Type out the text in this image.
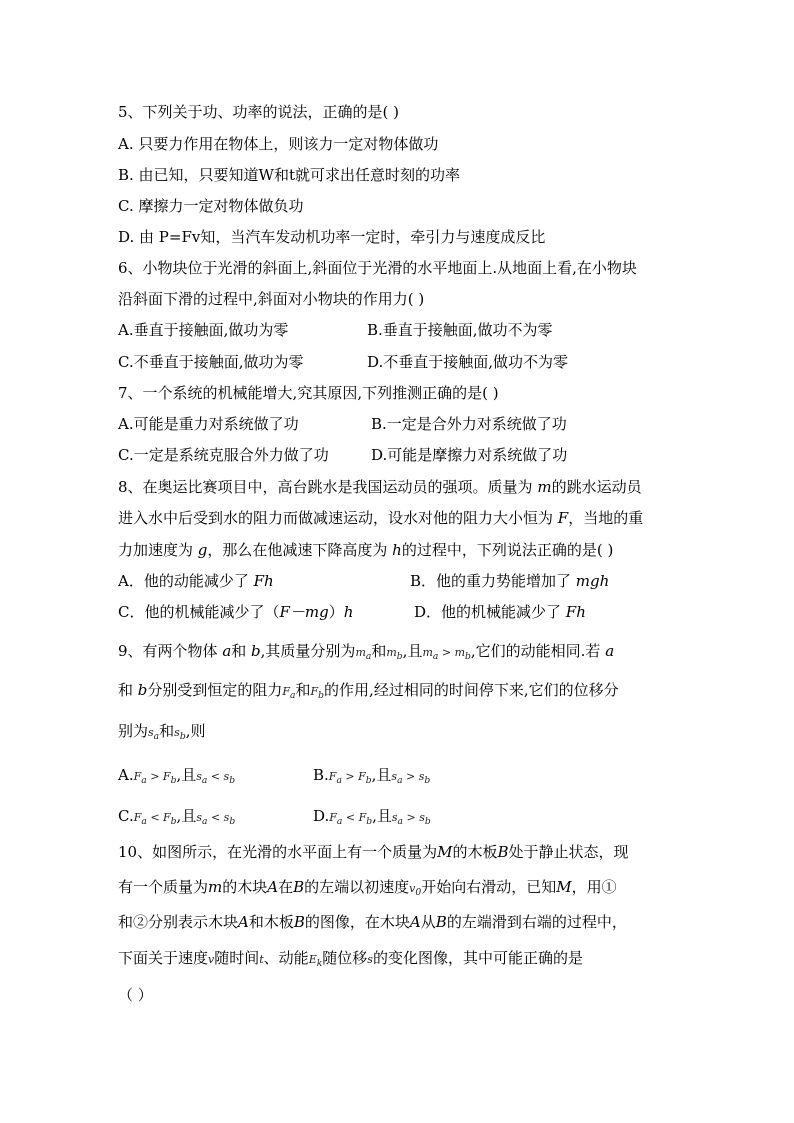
5、下列关于功、功率的说法，正确的是( )
A. 只要力作用在物体上，则该力一定对物体做功
B. 由已知，只要知道W和t就可求出任意时刻的功率
C. 摩擦力一定对物体做负功
D. 由 P=Fv知，当汽车发动机功率一定时，牵引力与速度成反比
6、小物块位于光滑的斜面上,斜面位于光滑的水平地面上.从地面上看,在小物块
沿斜面下滑的过程中,斜面对小物块的作用力( )
A.垂直于接触面,做功为零	B.垂直于接触面,做功不为零
C.不垂直于接触面,做功为零	D.不垂直于接触面,做功不为零
7、一个系统的机械能增大,究其原因,下列推测正确的是( )
A.可能是重力对系统做了功	B.一定是合外力对系统做了功
C.一定是系统克服合外力做了功	D.可能是摩擦力对系统做了功
8、在奥运比赛项目中，高台跳水是我国运动员的强项。质量为 m的跳水运动员
进入水中后受到水的阻力而做减速运动，设水对他的阻力大小恒为 F，当地的重
力加速度为 g，那么在他减速下降高度为 h的过程中，下列说法正确的是( )
A．他的动能减少了 Fh	B．他的重力势能增加了 mgh
C．他的机械能减少了（F－mg）h	D．他的机械能减少了 Fh
9、有两个物体 a和 b,其质量分别为$m_a$和$m_b$,且$m_a > m_b$,它们的动能相同.若 a
和 b分别受到恒定的阻力$F_a$和$F_b$的作用,经过相同的时间停下来,它们的位移分
别为$s_a$和$s_b$,则
$A.F_a > F_b$,且$s_a < s_b$	$B.F_a > F_b$,且$s_a > s_b$
$C.F_a < F_b$,且$s_a < s_b$	$D.F_a < F_b$,且$s_a > s_b$
10、如图所示，在光滑的水平面上有一个质量为M的木板B处于静止状态，现
有一个质量为m的木块A在B的左端以初速度$v_0$开始向右滑动，已知M，用①
和②分别表示木块A和木板B的图像，在木块A从B的左端滑到右端的过程中，
下面关于速度v随时间t、动能$E_k$随位移s的变化图像，其中可能正确的是
（ ）
